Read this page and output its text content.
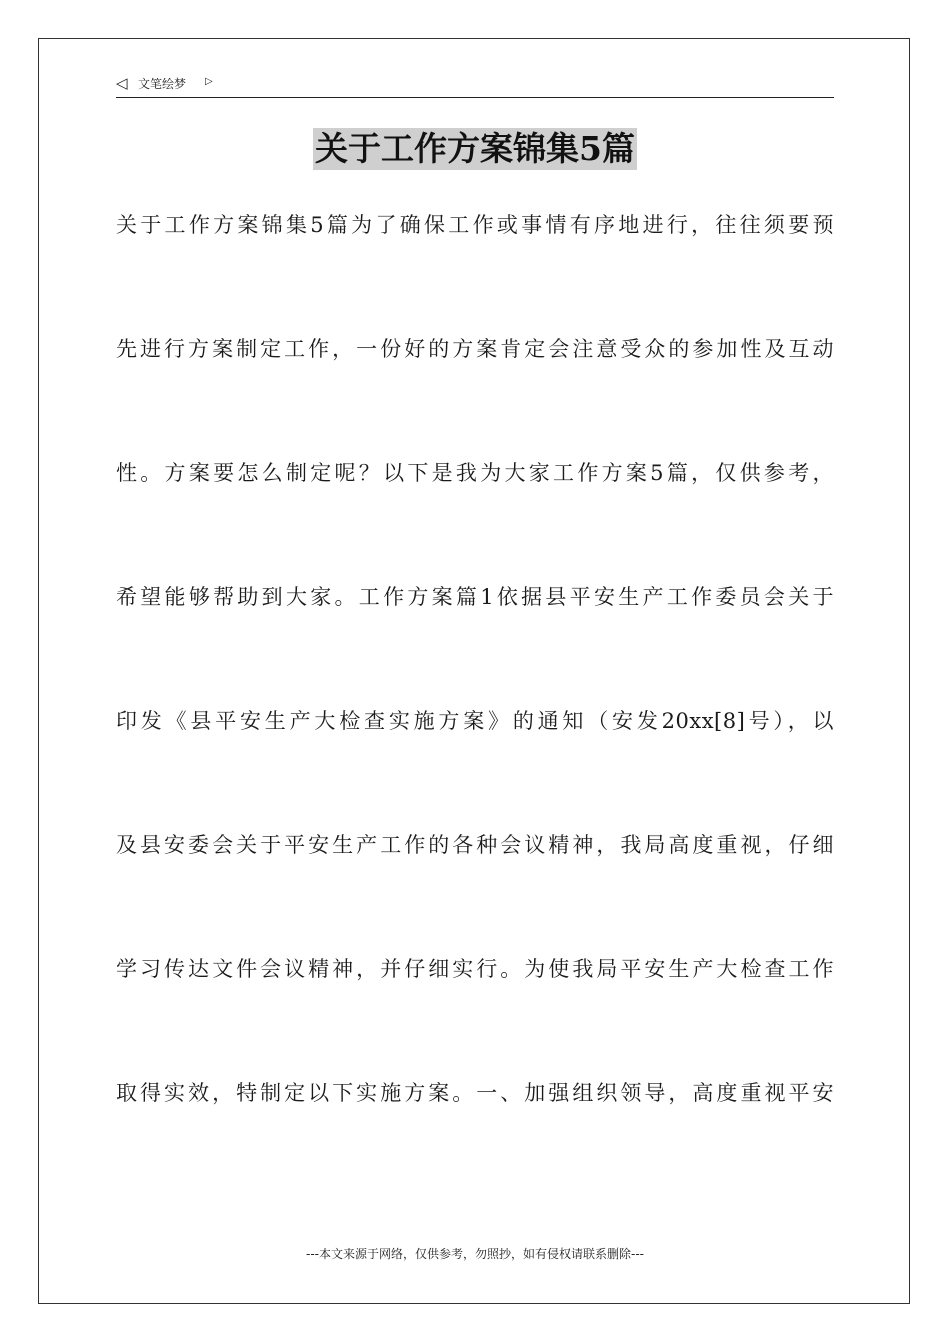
◁ 文笔绘梦 ▷
关于工作方案锦集5篇
关于工作方案锦集5篇为了确保工作或事情有序地进行，往往须要预
先进行方案制定工作，一份好的方案肯定会注意受众的参加性及互动
性。方案要怎么制定呢？以下是我为大家工作方案5篇，仅供参考，
希望能够帮助到大家。工作方案篇1依据县平安生产工作委员会关于
印发《县平安生产大检查实施方案》的通知（安发20xx[8]号），以
及县安委会关于平安生产工作的各种会议精神，我局高度重视，仔细
学习传达文件会议精神，并仔细实行。为使我局平安生产大检查工作
取得实效，特制定以下实施方案。一、加强组织领导，高度重视平安
---本文来源于网络，仅供参考，勿照抄，如有侵权请联系删除---
